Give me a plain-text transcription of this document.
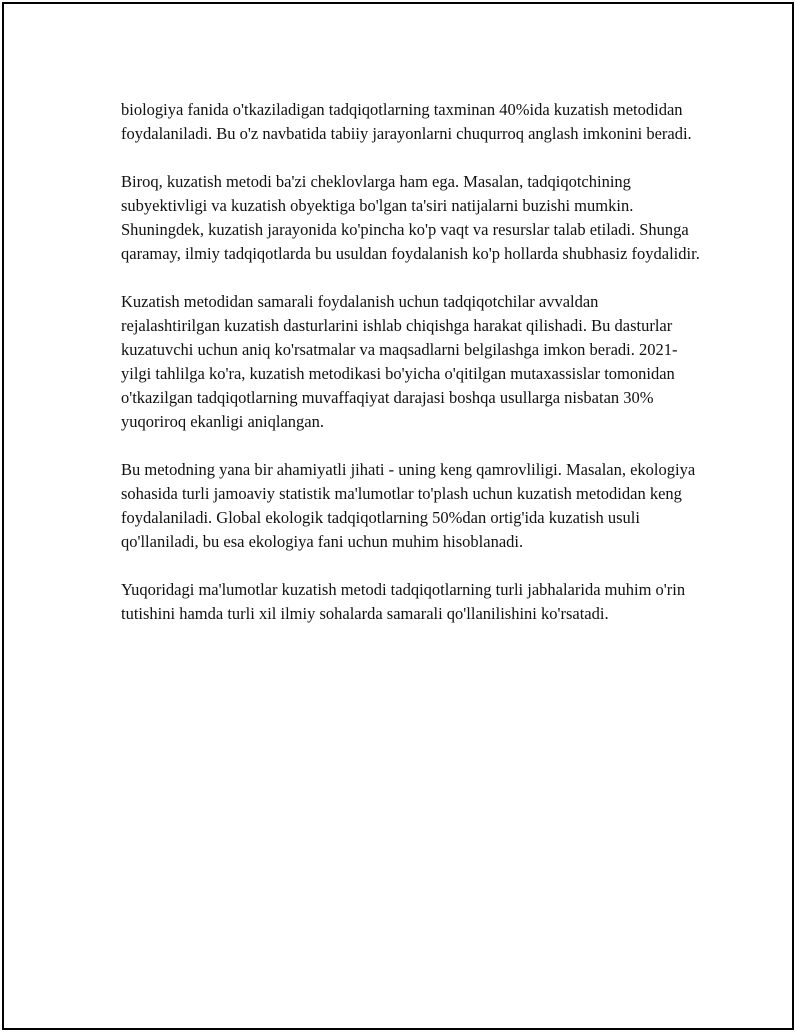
biologiya fanida o'tkaziladigan tadqiqotlarning taxminan 40%ida kuzatish metodidan foydalaniladi. Bu o'z navbatida tabiiy jarayonlarni chuqurroq anglash imkonini beradi.

Biroq, kuzatish metodi ba'zi cheklovlarga ham ega. Masalan, tadqiqotchining subyektivligi va kuzatish obyektiga bo'lgan ta'siri natijalarni buzishi mumkin. Shuningdek, kuzatish jarayonida ko'pincha ko'p vaqt va resurslar talab etiladi. Shunga qaramay, ilmiy tadqiqotlarda bu usuldan foydalanish ko'p hollarda shubhasiz foydalidir.

Kuzatish metodidan samarali foydalanish uchun tadqiqotchilar avvaldan rejalashtirilgan kuzatish dasturlarini ishlab chiqishga harakat qilishadi. Bu dasturlar kuzatuvchi uchun aniq ko'rsatmalar va maqsadlarni belgilashga imkon beradi. 2021-yilgi tahlilga ko'ra, kuzatish metodikasi bo'yicha o'qitilgan mutaxassislar tomonidan o'tkazilgan tadqiqotlarning muvaffaqiyat darajasi boshqa usullarga nisbatan 30% yuqoriroq ekanligi aniqlangan.

Bu metodning yana bir ahamiyatli jihati - uning keng qamrovliligi. Masalan, ekologiya sohasida turli jamoaviy statistik ma'lumotlar to'plash uchun kuzatish metodidan keng foydalaniladi. Global ekologik tadqiqotlarning 50%dan ortig'ida kuzatish usuli qo'llaniladi, bu esa ekologiya fani uchun muhim hisoblanadi.

Yuqoridagi ma'lumotlar kuzatish metodi tadqiqotlarning turli jabhalarida muhim o'rin tutishini hamda turli xil ilmiy sohalarda samarali qo'llanilishini ko'rsatadi.
